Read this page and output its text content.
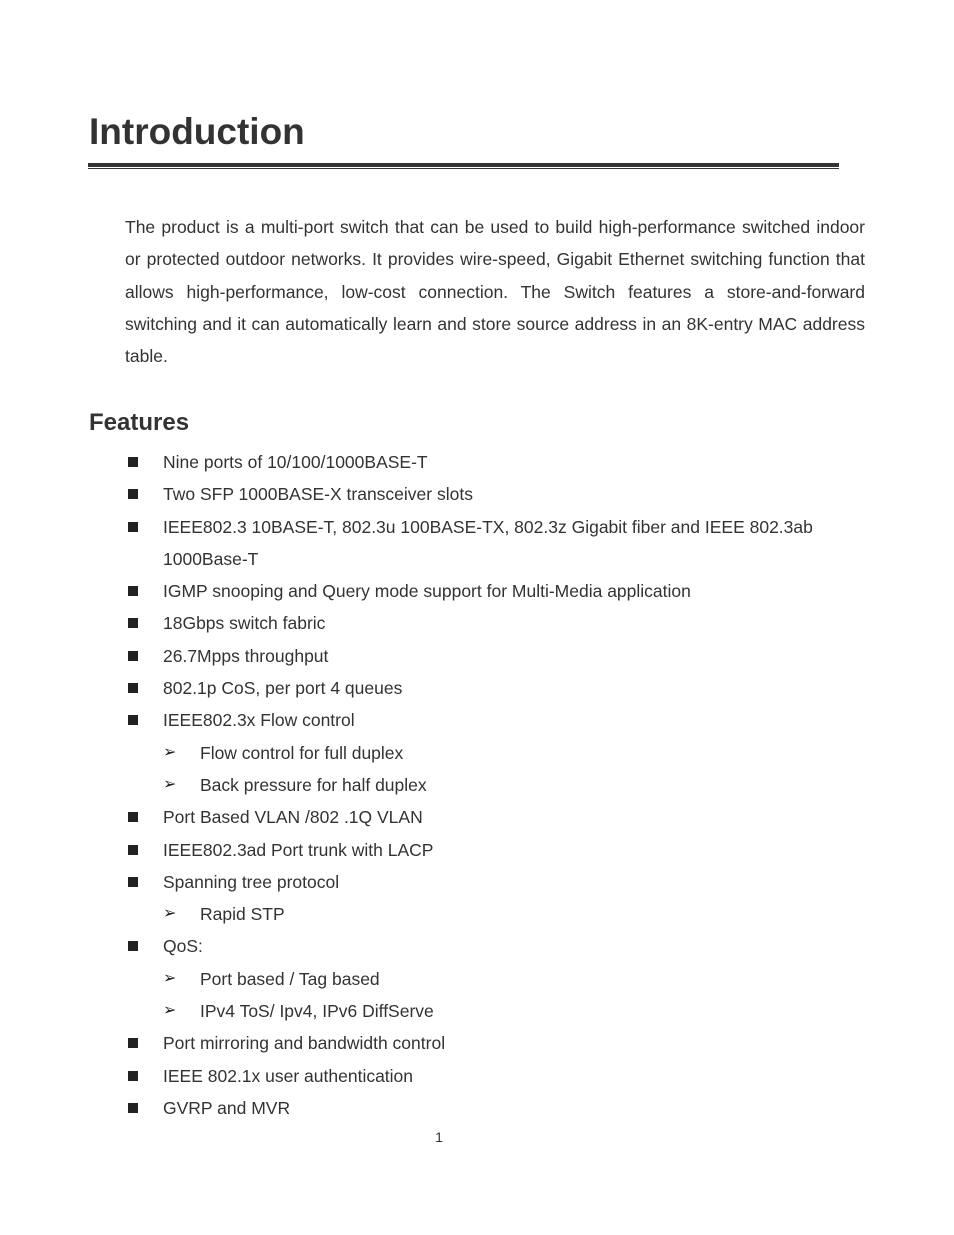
Introduction

The product is a multi-port switch that can be used to build high-performance switched indoor or protected outdoor networks. It provides wire-speed, Gigabit Ethernet switching function that allows high-performance, low-cost connection. The Switch features a store-and-forward switching and it can automatically learn and store source address in an 8K-entry MAC address table.

Features
Nine ports of 10/100/1000BASE-T
Two SFP 1000BASE-X transceiver slots
IEEE802.3 10BASE-T, 802.3u 100BASE-TX, 802.3z Gigabit fiber and IEEE 802.3ab 1000Base-T
IGMP snooping and Query mode support for Multi-Media application
18Gbps switch fabric
26.7Mpps throughput
802.1p CoS, per port 4 queues
IEEE802.3x Flow control
➢ Flow control for full duplex
➢ Back pressure for half duplex
Port Based VLAN /802 .1Q VLAN
IEEE802.3ad Port trunk with LACP
Spanning tree protocol
➢ Rapid STP
QoS:
➢ Port based / Tag based
➢ IPv4 ToS/ Ipv4, IPv6 DiffServe
Port mirroring and bandwidth control
IEEE 802.1x user authentication
GVRP and MVR
1
